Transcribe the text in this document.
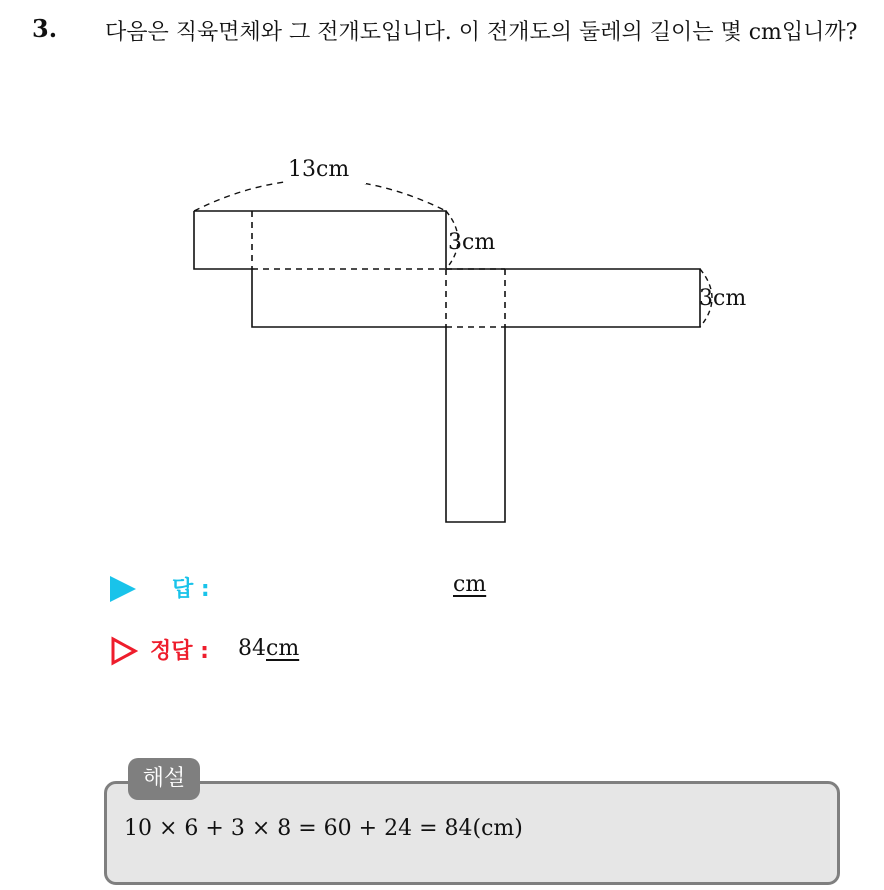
3. 다음은 직육면체와 그 전개도입니다. 이 전개도의 둘레의 길이는 몇 cm입니까?
13cm
3cm
3cm
답 :	cm
정답 : 84cm
해설
10 × 6 + 3 × 8 = 60 + 24 = 84(cm)
